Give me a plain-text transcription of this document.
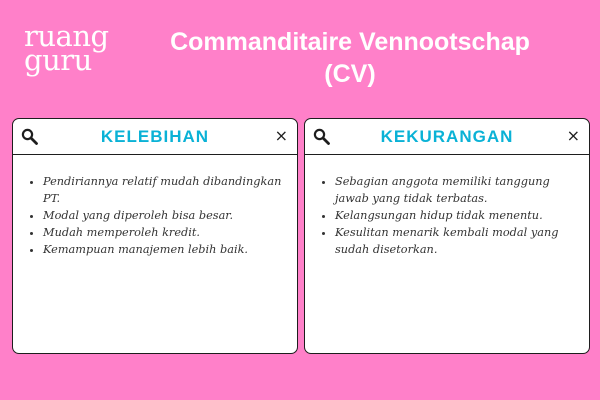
ruang
guru
Commanditaire Vennootschap
(CV)
KELEBIHAN	×
• Pendiriannya relatif mudah dibandingkan PT.
• Modal yang diperoleh bisa besar.
• Mudah memperoleh kredit.
• Kemampuan manajemen lebih baik.
KEKURANGAN	×
• Sebagian anggota memiliki tanggung jawab yang tidak terbatas.
• Kelangsungan hidup tidak menentu.
• Kesulitan menarik kembali modal yang sudah disetorkan.
